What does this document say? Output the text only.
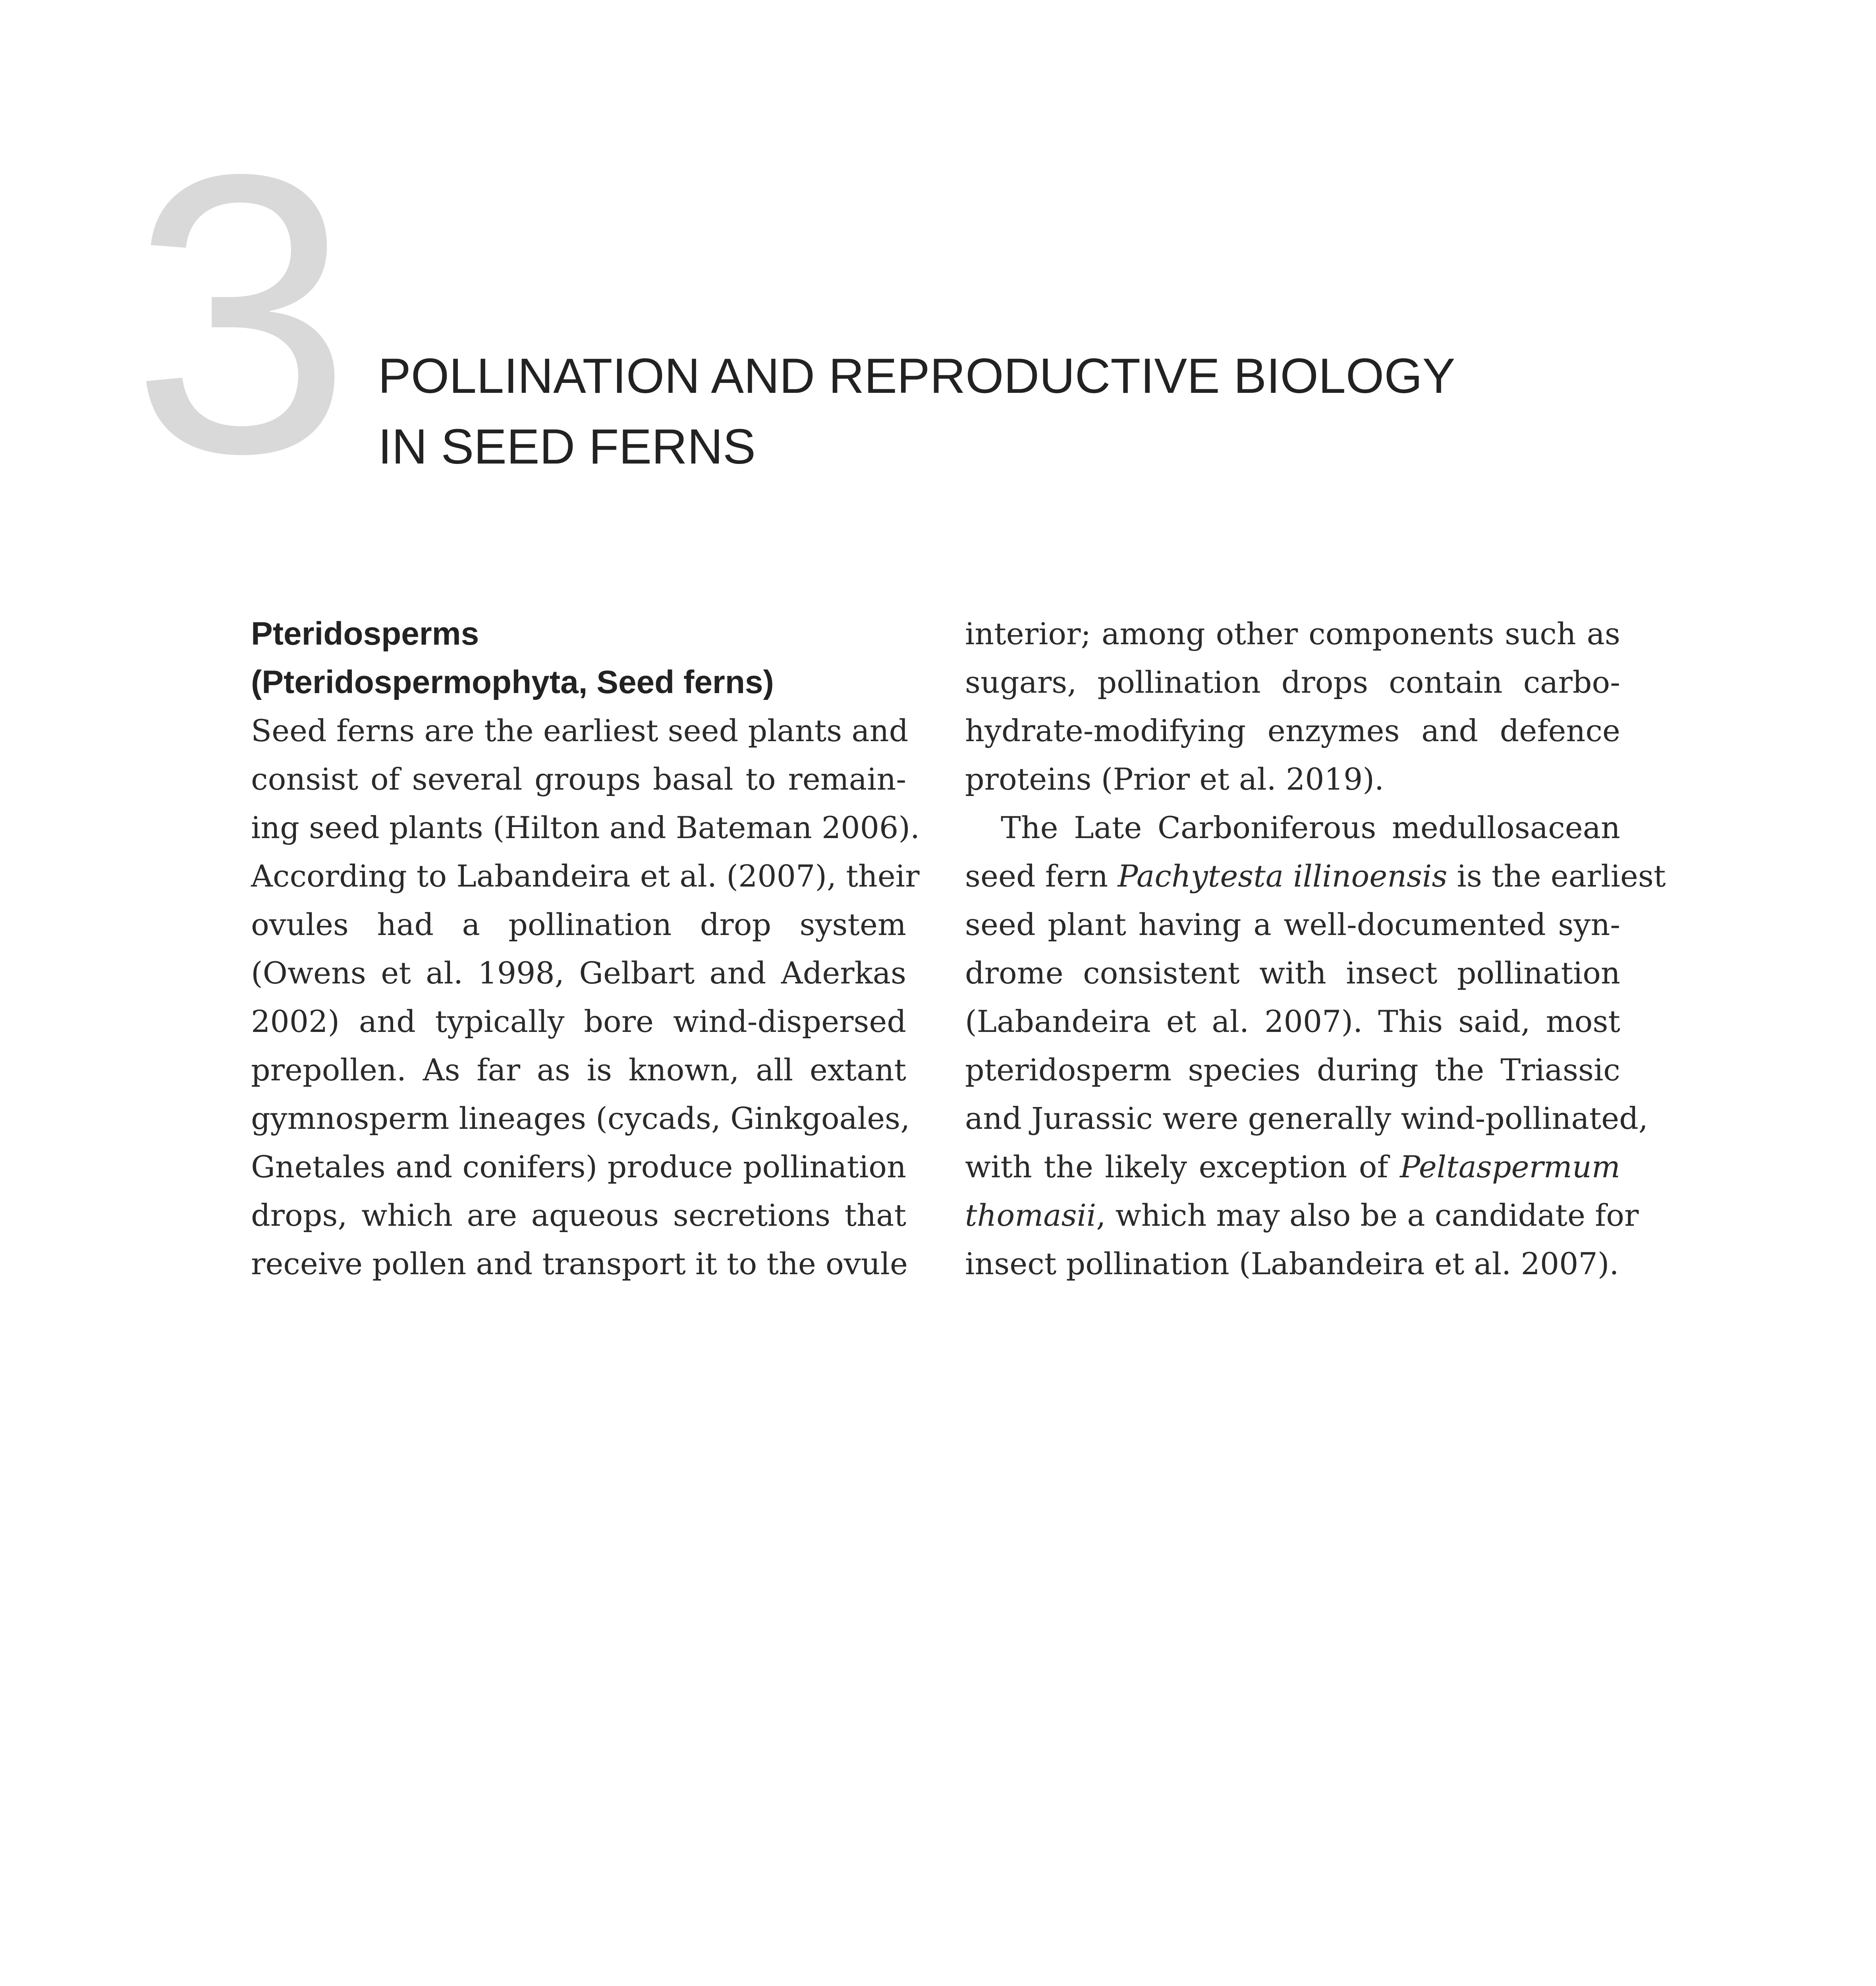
3 POLLINATION AND REPRODUCTIVE BIOLOGY
IN SEED FERNS
Pteridosperms
(Pteridospermophyta, Seed ferns)
Seed ferns are the earliest seed plants and
consist of several groups basal to remain-
ing seed plants (Hilton and Bateman 2006).
According to Labandeira et al. (2007), their
ovules had a pollination drop system
(Owens et al. 1998, Gelbart and Aderkas
2002) and typically bore wind-dispersed
prepollen. As far as is known, all extant
gymnosperm lineages (cycads, Ginkgoales,
Gnetales and conifers) produce pollination
drops, which are aqueous secretions that
receive pollen and transport it to the ovule
interior; among other components such as
sugars, pollination drops contain carbo-
hydrate-modifying enzymes and defence
proteins (Prior et al. 2019).
The Late Carboniferous medullosacean
seed fern Pachytesta illinoensis is the earliest
seed plant having a well-documented syn-
drome consistent with insect pollination
(Labandeira et al. 2007). This said, most
pteridosperm species during the Triassic
and Jurassic were generally wind-pollinated,
with the likely exception of Peltaspermum
thomasii, which may also be a candidate for
insect pollination (Labandeira et al. 2007).
